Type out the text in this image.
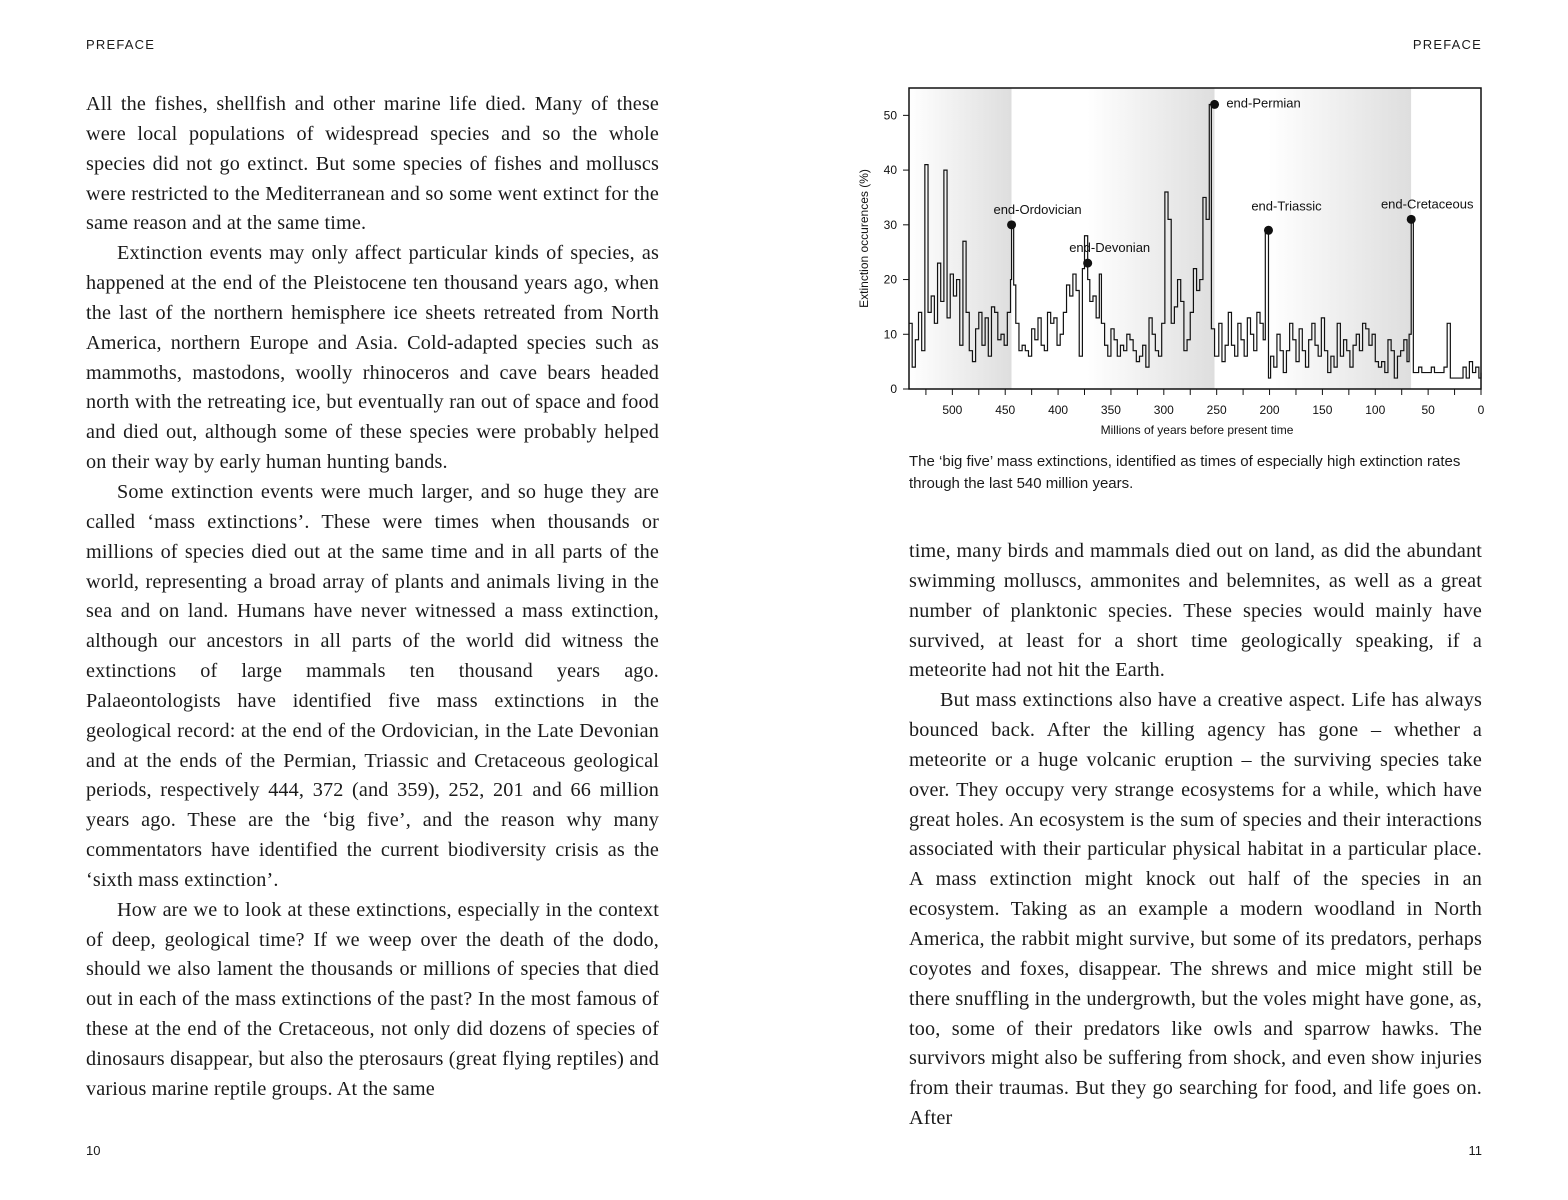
PREFACE	PREFACE

All the fishes, shellfish and other marine life died. Many of these were local populations of widespread species and so the whole species did not go extinct. But some species of fishes and molluscs were restricted to the Mediterranean and so some went extinct for the same reason and at the same time.

Extinction events may only affect particular kinds of species, as happened at the end of the Pleistocene ten thousand years ago, when the last of the northern hemisphere ice sheets retreated from North America, northern Europe and Asia. Cold-adapted species such as mammoths, mastodons, woolly rhinoceros and cave bears headed north with the retreating ice, but eventually ran out of space and food and died out, although some of these species were probably helped on their way by early human hunting bands.

Some extinction events were much larger, and so huge they are called ‘mass extinctions’. These were times when thousands or millions of species died out at the same time and in all parts of the world, representing a broad array of plants and animals living in the sea and on land. Humans have never witnessed a mass extinction, although our ancestors in all parts of the world did witness the extinctions of large mammals ten thousand years ago. Palaeontologists have identified five mass extinctions in the geological record: at the end of the Ordovician, in the Late Devonian and at the ends of the Permian, Triassic and Cretaceous geological periods, respectively 444, 372 (and 359), 252, 201 and 66 million years ago. These are the ‘big five’, and the reason why many commentators have identified the current biodiversity crisis as the ‘sixth mass extinction’.

How are we to look at these extinctions, especially in the context of deep, geological time? If we weep over the death of the dodo, should we also lament the thousands or millions of species that died out in each of the mass extinctions of the past? In the most famous of these at the end of the Cretaceous, not only did dozens of species of dinosaurs disappear, but also the pterosaurs (great flying reptiles) and various marine reptile groups. At the same

0
10
20
30
40
50
500	450	400	350	300	250	200	150	100	50	0
end-Ordovician
end-Devonian
end-Permian
end-Triassic	end-Cretaceous
Extinction occurences (%)
Millions of years before present time
The ‘big five’ mass extinctions, identified as times of especially high extinction rates through the last 540 million years.

time, many birds and mammals died out on land, as did the abundant swimming molluscs, ammonites and belemnites, as well as a great number of planktonic species. These species would mainly have survived, at least for a short time geologically speaking, if a meteorite had not hit the Earth.

But mass extinctions also have a creative aspect. Life has always bounced back. After the killing agency has gone – whether a meteorite or a huge volcanic eruption – the surviving species take over. They occupy very strange ecosystems for a while, which have great holes. An ecosystem is the sum of species and their interactions associated with their particular physical habitat in a particular place. A mass extinction might knock out half of the species in an ecosystem. Taking as an example a modern woodland in North America, the rabbit might survive, but some of its predators, perhaps coyotes and foxes, disappear. The shrews and mice might still be there snuffling in the undergrowth, but the voles might have gone, as, too, some of their predators like owls and sparrow hawks. The survivors might also be suffering from shock, and even show injuries from their traumas. But they go searching for food, and life goes on. After

10	11
